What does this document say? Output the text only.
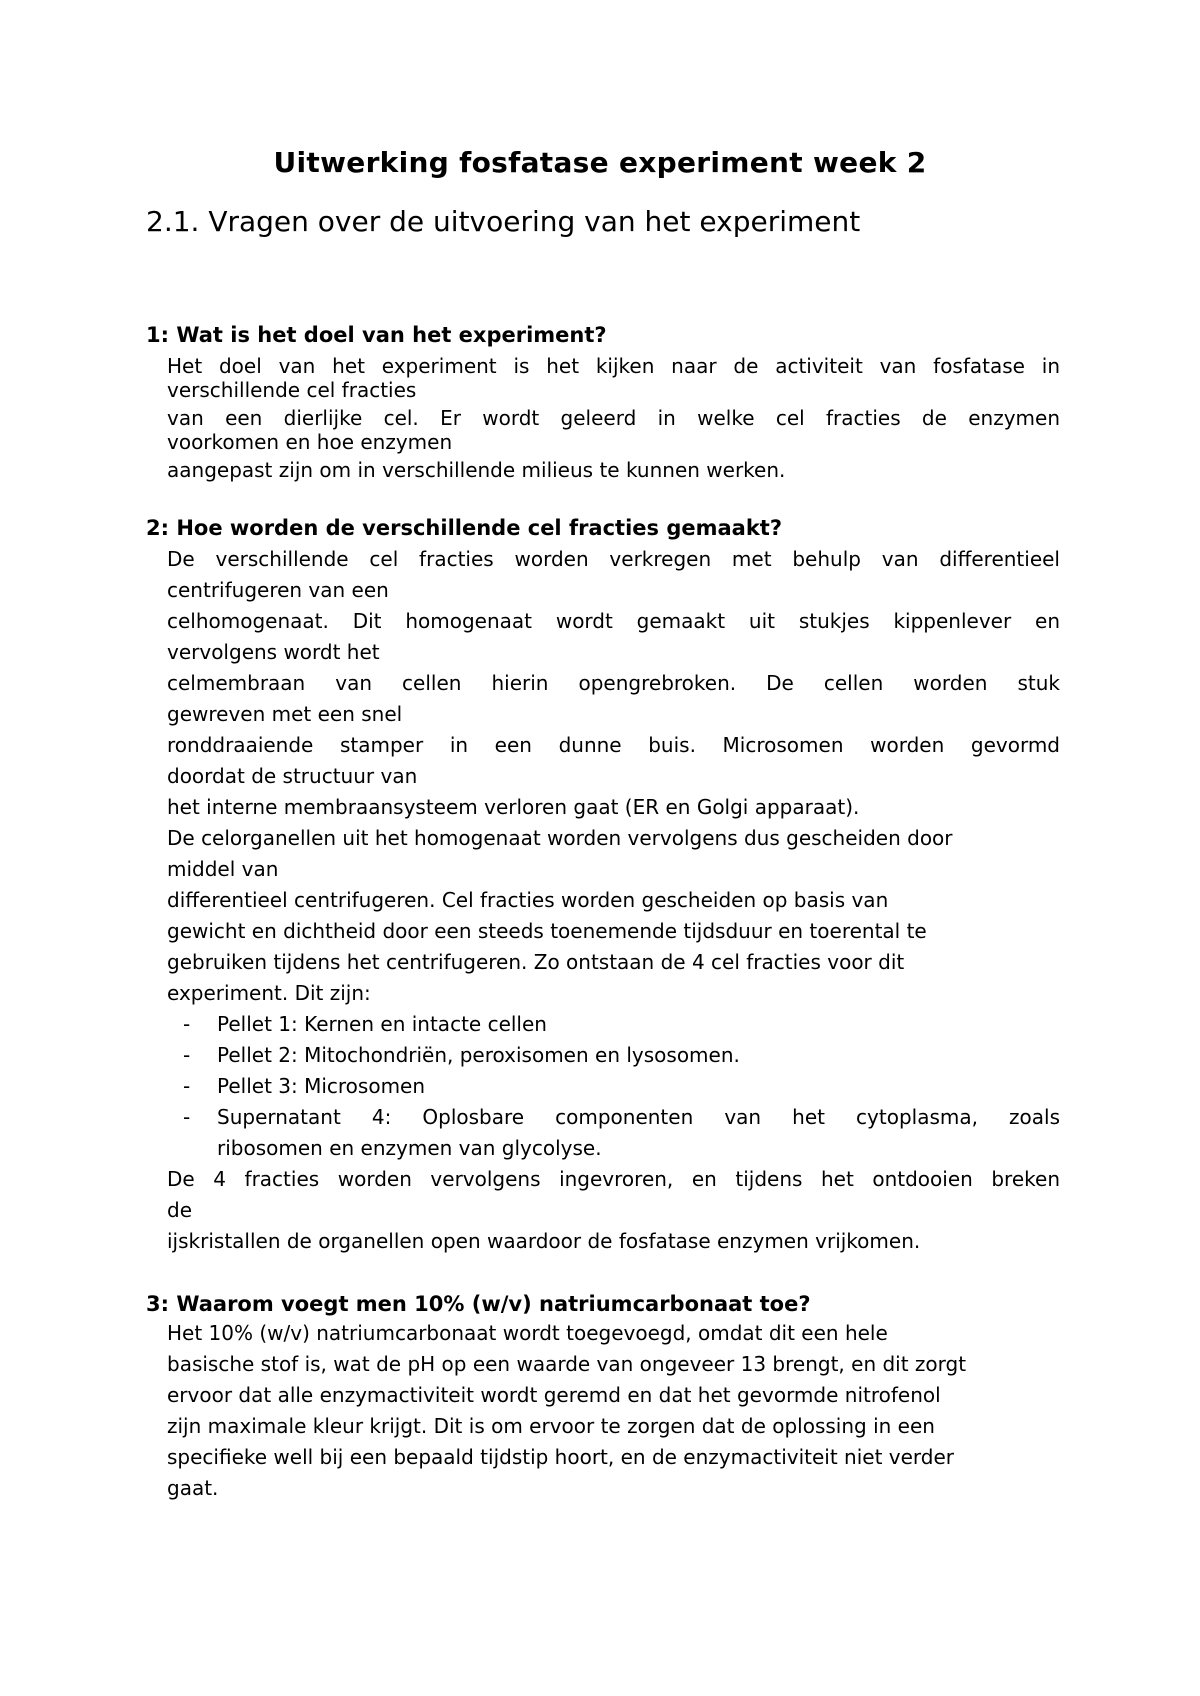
Uitwerking fosfatase experiment week 2
2.1. Vragen over de uitvoering van het experiment
1: Wat is het doel van het experiment?
Het doel van het experiment is het kijken naar de activiteit van fosfatase in
verschillende cel fracties
van een dierlijke cel. Er wordt geleerd in welke cel fracties de enzymen
voorkomen en hoe enzymen
aangepast zijn om in verschillende milieus te kunnen werken.
2: Hoe worden de verschillende cel fracties gemaakt?
De verschillende cel fracties worden verkregen met behulp van differentieel
centrifugeren van een
celhomogenaat. Dit homogenaat wordt gemaakt uit stukjes kippenlever en
vervolgens wordt het
celmembraan van cellen hierin opengrebroken. De cellen worden stuk
gewreven met een snel
ronddraaiende stamper in een dunne buis. Microsomen worden gevormd
doordat de structuur van
het interne membraansysteem verloren gaat (ER en Golgi apparaat).
De celorganellen uit het homogenaat worden vervolgens dus gescheiden door
middel van
differentieel centrifugeren. Cel fracties worden gescheiden op basis van
gewicht en dichtheid door een steeds toenemende tijdsduur en toerental te
gebruiken tijdens het centrifugeren. Zo ontstaan de 4 cel fracties voor dit
experiment. Dit zijn:
- Pellet 1: Kernen en intacte cellen
- Pellet 2: Mitochondriën, peroxisomen en lysosomen.
- Pellet 3: Microsomen
- Supernatant 4: Oplosbare componenten van het cytoplasma, zoals
ribosomen en enzymen van glycolyse.
De 4 fracties worden vervolgens ingevroren, en tijdens het ontdooien breken
de
ijskristallen de organellen open waardoor de fosfatase enzymen vrijkomen.
3: Waarom voegt men 10% (w/v) natriumcarbonaat toe?
Het 10% (w/v) natriumcarbonaat wordt toegevoegd, omdat dit een hele
basische stof is, wat de pH op een waarde van ongeveer 13 brengt, en dit zorgt
ervoor dat alle enzymactiviteit wordt geremd en dat het gevormde nitrofenol
zijn maximale kleur krijgt. Dit is om ervoor te zorgen dat de oplossing in een
specifieke well bij een bepaald tijdstip hoort, en de enzymactiviteit niet verder
gaat.
